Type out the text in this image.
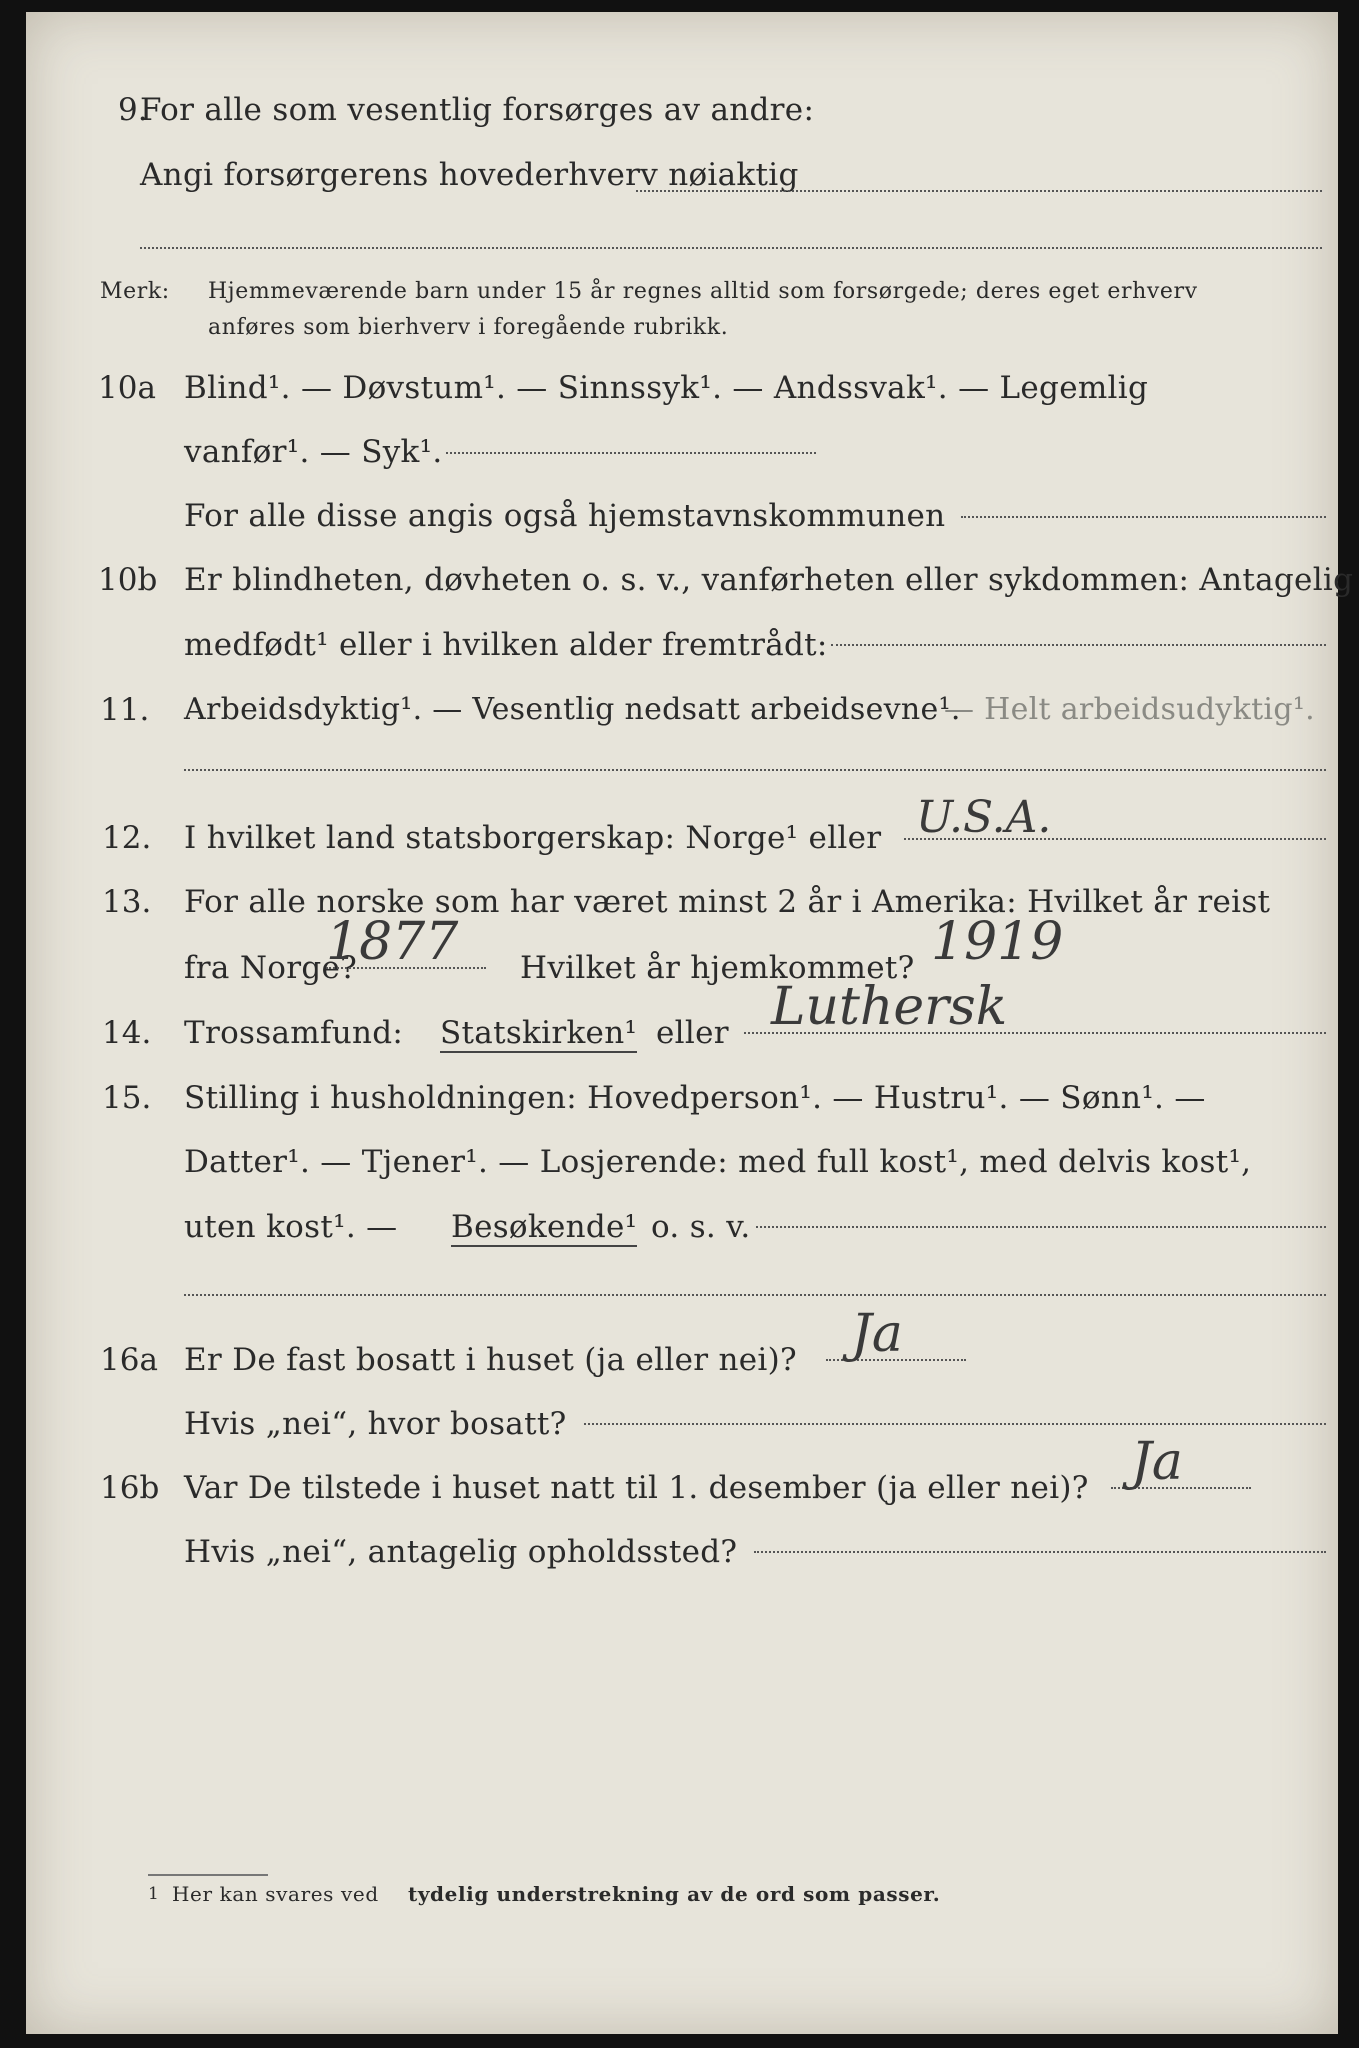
9.
For alle som vesentlig forsørges av andre:
Angi forsørgerens hovederhverv nøiaktig
Merk: Hjemmeværende barn under 15 år regnes alltid som forsørgede; deres eget erhverv
anføres som bierhverv i foregående rubrikk.
10a Blind¹. — Døvstum¹. — Sinnssyk¹. — Andssvak¹. — Legemlig
vanfør¹. — Syk¹.
For alle disse angis også hjemstavnskommunen
10b Er blindheten, døvheten o. s. v., vanførheten eller sykdommen: Antagelig
medfødt¹ eller i hvilken alder fremtrådt:
11. Arbeidsdyktig¹. — Vesentlig nedsatt arbeidsevne¹.
— Helt arbeidsudyktig¹.
12. I hvilket land statsborgerskap: Norge¹ eller U.S.A.
13. For alle norske som har været minst 2 år i Amerika: Hvilket år reist
fra Norge?
1877 Hvilket år hjemkommet? 1919
14. Trossamfund: Statskirken¹ eller Luthersk
15. Stilling i husholdningen: Hovedperson¹. — Hustru¹. — Sønn¹. —
Datter¹. — Tjener¹. — Losjerende: med full kost¹, med delvis kost¹,
uten kost¹. — Besøkende¹ o. s. v.
16a Er De fast bosatt i huset (ja eller nei)? Ja
Hvis „nei“, hvor bosatt?
16b Var De tilstede i huset natt til 1. desember (ja eller nei)? Ja
Hvis „nei“, antagelig opholdssted?
1 Her kan svares ved tydelig understrekning av de ord som passer.
